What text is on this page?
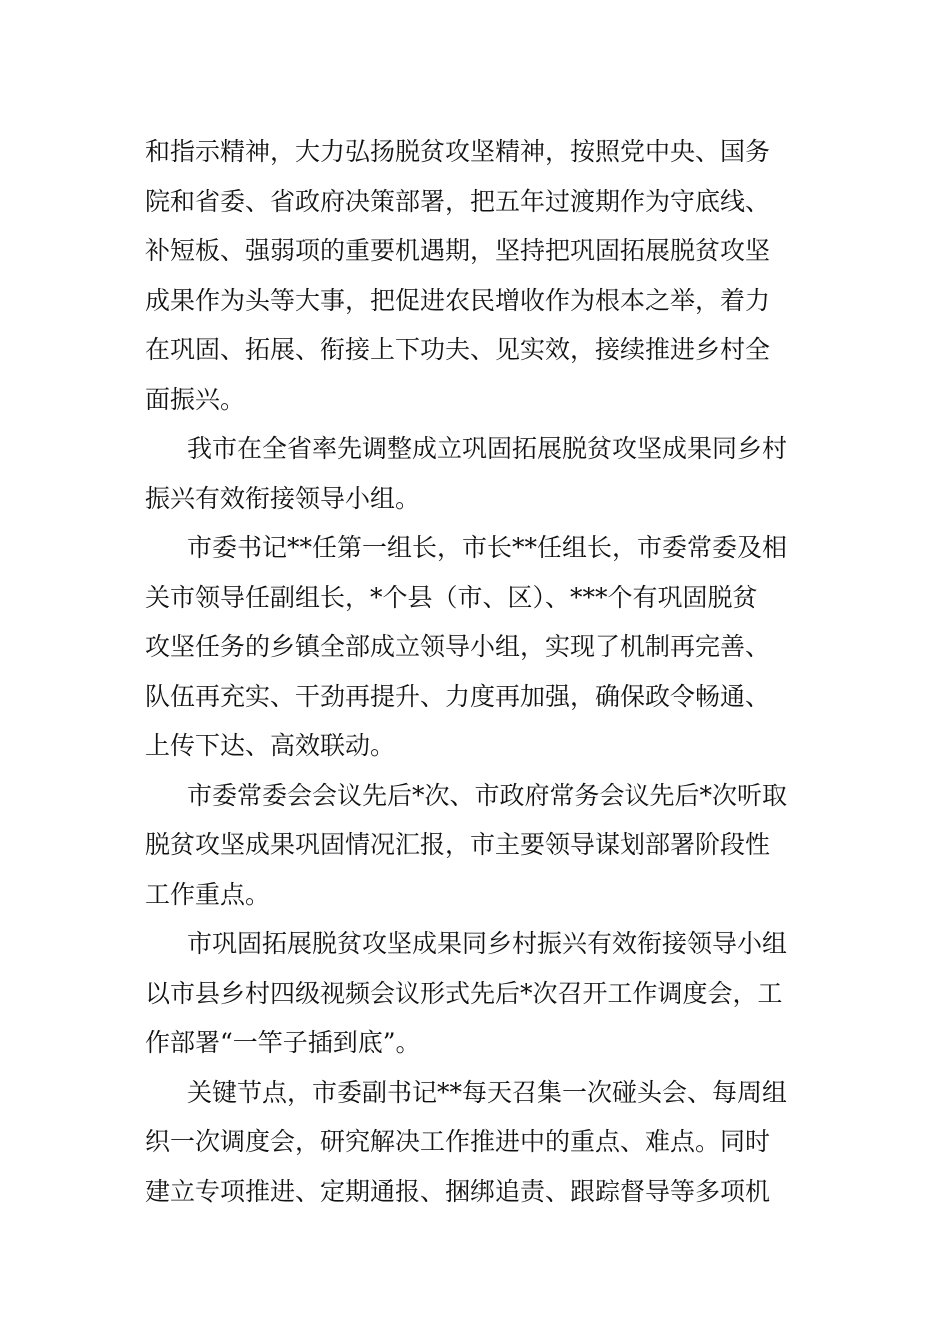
和指示精神，大力弘扬脱贫攻坚精神，按照党中央、国务
院和省委、省政府决策部署，把五年过渡期作为守底线、
补短板、强弱项的重要机遇期，坚持把巩固拓展脱贫攻坚
成果作为头等大事，把促进农民增收作为根本之举，着力
在巩固、拓展、衔接上下功夫、见实效，接续推进乡村全
面振兴。

我市在全省率先调整成立巩固拓展脱贫攻坚成果同乡村
振兴有效衔接领导小组。

市委书记**任第一组长，市长**任组长，市委常委及相
关市领导任副组长，*个县（市、区）、***个有巩固脱贫
攻坚任务的乡镇全部成立领导小组，实现了机制再完善、
队伍再充实、干劲再提升、力度再加强，确保政令畅通、
上传下达、高效联动。

市委常委会会议先后*次、市政府常务会议先后*次听取
脱贫攻坚成果巩固情况汇报，市主要领导谋划部署阶段性
工作重点。

市巩固拓展脱贫攻坚成果同乡村振兴有效衔接领导小组
以市县乡村四级视频会议形式先后*次召开工作调度会，工
作部署“一竿子插到底”。

关键节点，市委副书记**每天召集一次碰头会、每周组
织一次调度会，研究解决工作推进中的重点、难点。同时
建立专项推进、定期通报、捆绑追责、跟踪督导等多项机
